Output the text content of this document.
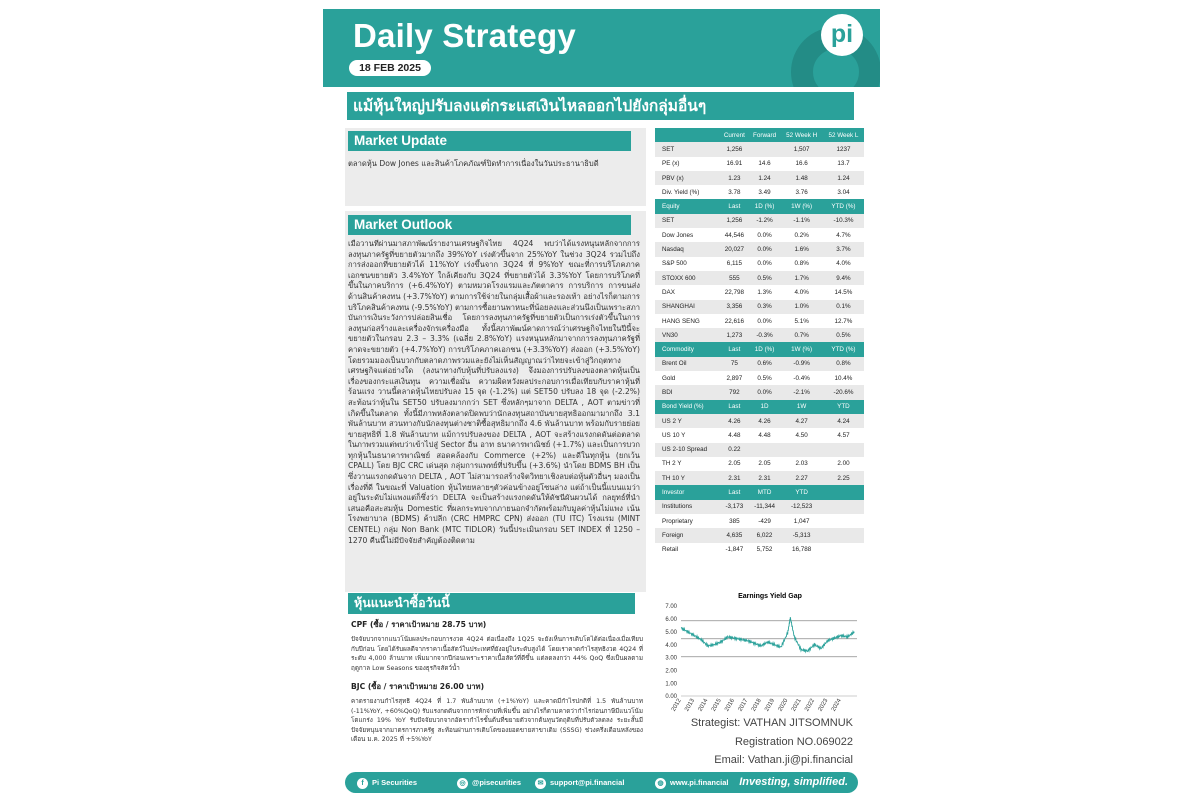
Daily Strategy
18 FEB 2025
pi
แม้หุ้นใหญ่ปรับลงแต่กระแสเงินไหลออกไปยังกลุ่มอื่นๆ
Market Update
ตลาดหุ้น Dow Jones และสินค้าโภคภัณฑ์ปิดทำการเนื่องในวันประธานาธิบดี
Market Outlook
เมื่อวานที่ผ่านมาสภาพัฒน์รายงานเศรษฐกิจไทย 4Q24 พบว่าได้แรงหนุนหลักจากการลงทุนภาครัฐที่ขยายตัวมากถึง 39%YoY เร่งตัวขึ้นจาก 25%YoY ในช่วง 3Q24 รวมไปถึงการส่งออกที่ขยายตัวได้ 11%YoY เร่งขึ้นจาก 3Q24 ที่ 9%YoY ขณะที่การบริโภคภาคเอกชนขยายตัว 3.4%YoY ใกล้เคียงกับ 3Q24 ที่ขยายตัวได้ 3.3%YoY โดยการบริโภคที่ขึ้นในภาคบริการ (+6.4%YoY) ตามหมวดโรงแรมและภัตตาคาร การบริการ การขนส่ง ด้านสินค้าคงทน (+3.7%YoY) ตามการใช้จ่ายในกลุ่มเสื้อผ้าและรองเท้า อย่างไรก็ตามการบริโภคสินค้าคงทน (-9.5%YoY) ตามการซื้อยานพาหนะที่น้อยลงและส่วนนึงเป็นเพราะสภาบันการเงินระวังการปล่อยสินเชื่อ โดยการลงทุนภาครัฐที่ขยายตัวเป็นการเร่งตัวขึ้นในการลงทุนก่อสร้างและเครื่องจักรเครื่องมือ ทั้งนี้สภาพัฒน์คาดการณ์ว่าเศรษฐกิจไทยในปีนี้จะขยายตัวในกรอบ 2.3 – 3.3% (เฉลี่ย 2.8%YoY) แรงหนุนหลักมาจากการลงทุนภาครัฐที่คาดจะขยายตัว (+4.7%YoY) การบริโภคภาคเอกชน (+3.3%YoY) ส่งออก (+3.5%YoY) โดยรวมมองเป็นบวกกับตลาดภาพรวมและยังไม่เห็นสัญญาณว่าไทยจะเข้าสู่วิกฤตทางเศรษฐกิจแต่อย่างใด (ลงนาทางกับหุ้นที่ปรับลงแรง) จึงมองการปรับลงของตลาดหุ้นเป็นเรื่องของกระแสเงินทุน ความเชื่อมั่น ความผิดหวังผลประกอบการเมื่อเทียบกับราคาหุ้นที่ร้อนแรง วานนี้ตลาดหุ้นไทยปรับลง 15 จุด (-1.2%) แต่ SET50 ปรับลง 18 จุด (-2.2%) สะท้อนว่าหุ้นใน SET50 ปรับลงมากกว่า SET ซึ่งหลักๆมาจาก DELTA , AOT ตามข่าวที่เกิดขึ้นในตลาด ทั้งนี้มีภาพหลังตลาดปิดพบว่านักลงทุนสถาบันขายสุทธิออกมามากถึง 3.1 พันล้านบาท สวนทางกับนักลงทุนต่างชาติซื้อสุทธิมากถึง 4.6 พันล้านบาท พร้อมกับรายย่อยขายสุทธิที่ 1.8 พันล้านบาท แม้การปรับลงของ DELTA , AOT จะสร้างแรงกดดันต่อตลาดในภาพรวมแต่พบว่าเข้าไปสู่ Sector อื่น อาท ธนาคารพาณิชย์ (+1.7%) และเป็นการบวกทุกหุ้นในธนาคารพาณิชย์ สอดคล้องกับ Commerce (+2%) และดีในทุกหุ้น (ยกเว้น CPALL) โดย BJC CRC เด่นสุด กลุ่มการแพทย์ที่ปรับขึ้น (+3.6%) นำโดย BDMS BH เป็นซึ่งวานแรงกดดันจาก DELTA , AOT ไม่สามารถสร้างจิตวิทยาเชิงลบต่อหุ้นตัวอื่นๆ มองเป็นเรื่องที่ดี ในขณะที่ Valuation หุ้นไทยหลายๆตัวค่อนข้างอยู่โซนล่าง แต่ถ้าเป็นนี้แบนแมว่าอยู่ในระดับไม่แพงแต่ก็ซึ่งว่า DELTA จะเป็นสร้างแรงกดดันให้ดัชนีผันผวนได้ กลยุทธ์ที่นำเสนอคือสะสมหุ้น Domestic ที่ผลกระทบจากภายนอกจำกัดพร้อมกับมูลค่าหุ้นไม่แพง เน้น โรงพยาบาล (BDMS) ค้าปลีก (CRC HMPRC CPN) ส่งออก (TU ITC) โรงแรม (MINT CENTEL) กลุ่ม Non Bank (MTC TIDLOR) วันนี้ประเมินกรอบ SET INDEX ที่ 1250 – 1270 คืนนี้ไม่มีปัจจัยสำคัญต้องติดตาม
	Current	Forward	52 Week H	52 Week L
SET	1,256		1,507	1237
PE (x)	16.91	14.6	16.6	13.7
PBV (x)	1.23	1.24	1.48	1.24
Div. Yield (%)	3.78	3.49	3.76	3.04
Equity	Last	1D (%)	1W (%)	YTD (%)
SET	1,256	-1.2%	-1.1%	-10.3%
Dow Jones	44,546	0.0%	0.2%	4.7%
Nasdaq	20,027	0.0%	1.6%	3.7%
S&P 500	6,115	0.0%	0.8%	4.0%
STOXX 600	555	0.5%	1.7%	9.4%
DAX	22,798	1.3%	4.0%	14.5%
SHANGHAI	3,356	0.3%	1.0%	0.1%
HANG SENG	22,616	0.0%	5.1%	12.7%
VN30	1,273	-0.3%	0.7%	0.5%
Commodity	Last	1D (%)	1W (%)	YTD (%)
Brent Oil	75	0.6%	-0.9%	0.8%
Gold	2,897	0.5%	-0.4%	10.4%
BDI	792	0.0%	-2.1%	-20.6%
Bond Yield (%)	Last	1D	1W	YTD
US 2 Y	4.26	4.26	4.27	4.24
US 10 Y	4.48	4.48	4.50	4.57
US 2-10 Spread	0.22			
TH 2 Y	2.05	2.05	2.03	2.00
TH 10 Y	2.31	2.31	2.27	2.25
Investor	Last	MTD	YTD	
Institutions	-3,173	-11,344	-12,523	
Proprietary	385	-429	1,047	
Foreign	4,635	6,022	-5,313	
Retail	-1,847	5,752	16,788	
หุ้นแนะนำซื้อวันนี้
CPF (ซื้อ / ราคาเป้าหมาย 28.75 บาท)
ปัจจัยบวกจากแนวโน้มผลประกอบการงวด 4Q24 ต่อเนื่องถึง 1Q25 จะยังเห็นการเติบโตได้ต่อเนื่องเมื่อเทียบกับปีก่อน โดยได้รับผลดีจากราคาเนื้อสัตว์ในประเทศที่ยังอยู่ในระดับสูงได้ โดยเราคาดกำไรสุทธิงวด 4Q24 ที่ระดับ 4,000 ล้านบาท เพิ่มมากจากปีก่อนเพราะราคาเนื้อสัตว์ที่ดีขึ้น แต่ลดลงกว่า 44% QoQ ซึ่งเป็นผลตามฤดูกาล Low Seasons ของธุรกิจสัตว์น้ำ
BJC (ซื้อ / ราคาเป้าหมาย 26.00 บาท)
คาดรายงานกำไรสุทธิ 4Q24 ที่ 1.7 พันล้านบาท (+1%YoY) และคาดมีกำไรปกติที่ 1.5 พันล้านบาท (-11%YoY, +60%QoQ) รับแรงกดดันจากการหักจ่ายที่เพิ่มขึ้น อย่างไรก็ตามคาดว่ากำไรก่อนภาษีมีแนวโน้มโตแกร่ง 19% YoY รับปัจจัยบวกจากอัตรากำไรขั้นต้นที่ขยายตัวจากต้นทุนวัตถุดิบที่ปรับตัวลดลง ระยะสั้นมีปัจจัยหนุนจากมาตรการภาครัฐ สะท้อนผ่านการเติบโตของยอดขายสาขาเดิม (SSSG) ช่วงครึ่งเดือนหลังของเดือน ม.ค. 2025 ที่ +5%YoY
Earnings Yield Gap
0.00
1.00
2.00
3.00
4.00
5.00
6.00
7.00
2012 2013 2014 2015 2016 2017 2018 2019 2020 2021 2022 2023 2024
Strategist: VATHAN JITSOMNUK
Registration NO.069022
Email: Vathan.ji@pi.financial
f Pi Securities	◎ @pisecurities	✉ support@pi.financial	◍ www.pi.financial Investing, simplified.
